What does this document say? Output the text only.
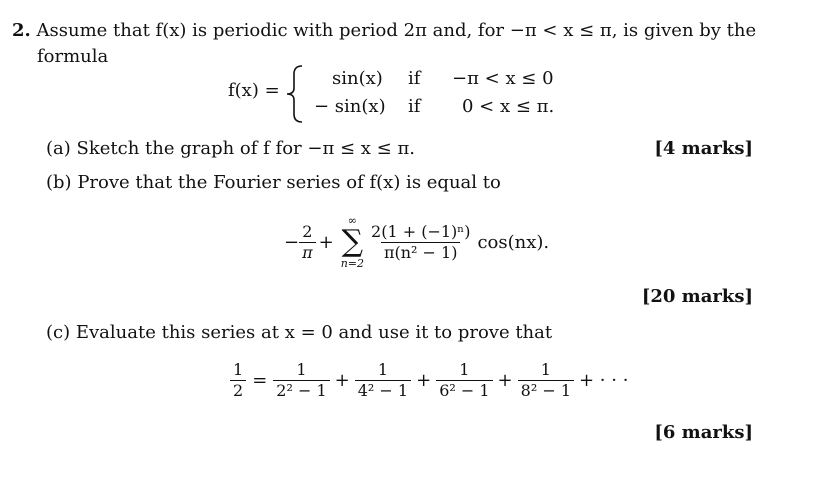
2. Assume that f(x) is periodic with period 2π and, for −π < x ≤ π, is given by the
formula
f(x) =
sin(x) if −π < x ≤ 0
− sin(x) if 0 < x ≤ π.
(a) Sketch the graph of f for −π ≤ x ≤ π.	[4 marks]
(b) Prove that the Fourier series of f(x) is equal to
− $\frac{2}{\pi}$ +
∞
∑
n=2
$\frac{\text{2(1 + (−1)ⁿ)}}{\text{π(n² − 1)}} \cos(nx)$.
[20 marks]
(c) Evaluate this series at x = 0 and use it to prove that
$\frac{1}{2} = \frac{1}{\text{2² − 1}} + \frac{1}{\text{4² − 1}} + \frac{1}{\text{6² − 1}} + \frac{1}{\text{8² − 1}}$ + · · ·
[6 marks]
